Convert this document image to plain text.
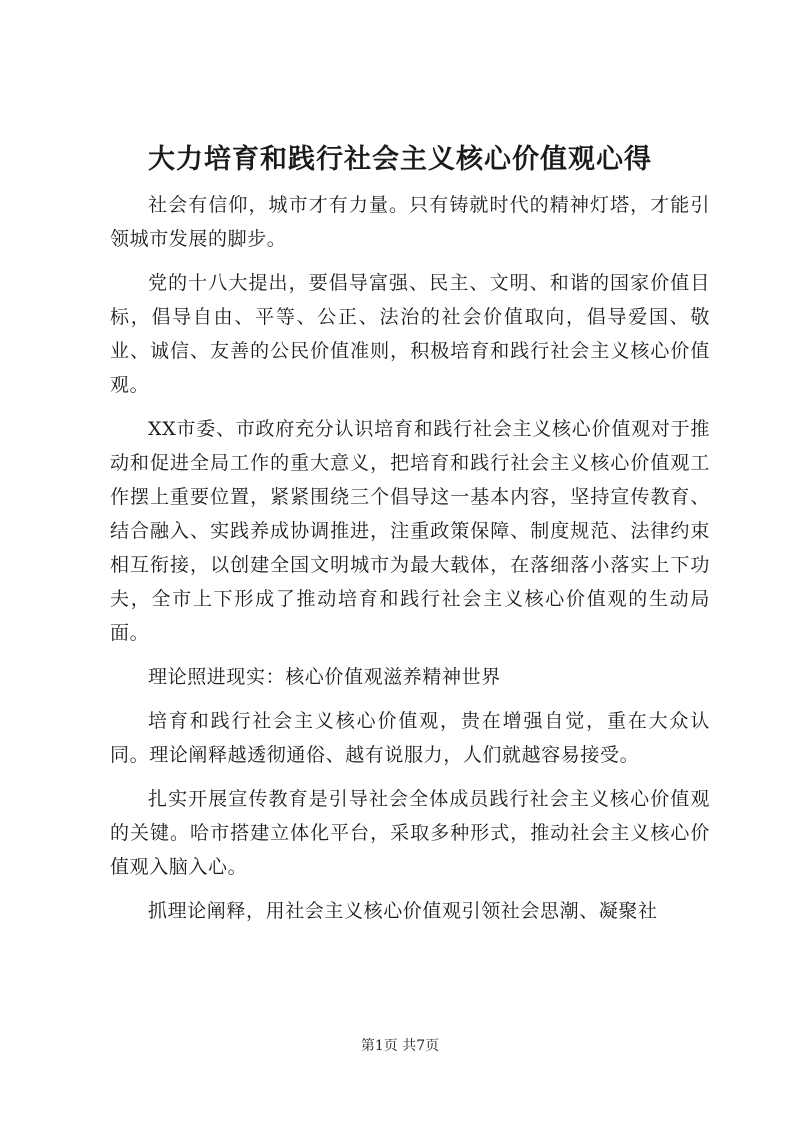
大力培育和践行社会主义核心价值观心得

社会有信仰，城市才有力量。只有铸就时代的精神灯塔，才能引领城市发展的脚步。

党的十八大提出，要倡导富强、民主、文明、和谐的国家价值目标，倡导自由、平等、公正、法治的社会价值取向，倡导爱国、敬业、诚信、友善的公民价值准则，积极培育和践行社会主义核心价值观。

XX市委、市政府充分认识培育和践行社会主义核心价值观对于推动和促进全局工作的重大意义，把培育和践行社会主义核心价值观工作摆上重要位置，紧紧围绕三个倡导这一基本内容，坚持宣传教育、结合融入、实践养成协调推进，注重政策保障、制度规范、法律约束相互衔接，以创建全国文明城市为最大载体，在落细落小落实上下功夫，全市上下形成了推动培育和践行社会主义核心价值观的生动局面。

理论照进现实：核心价值观滋养精神世界

培育和践行社会主义核心价值观，贵在增强自觉，重在大众认同。理论阐释越透彻通俗、越有说服力，人们就越容易接受。

扎实开展宣传教育是引导社会全体成员践行社会主义核心价值观的关键。哈市搭建立体化平台，采取多种形式，推动社会主义核心价值观入脑入心。

抓理论阐释，用社会主义核心价值观引领社会思潮、凝聚社

第1页 共7页
